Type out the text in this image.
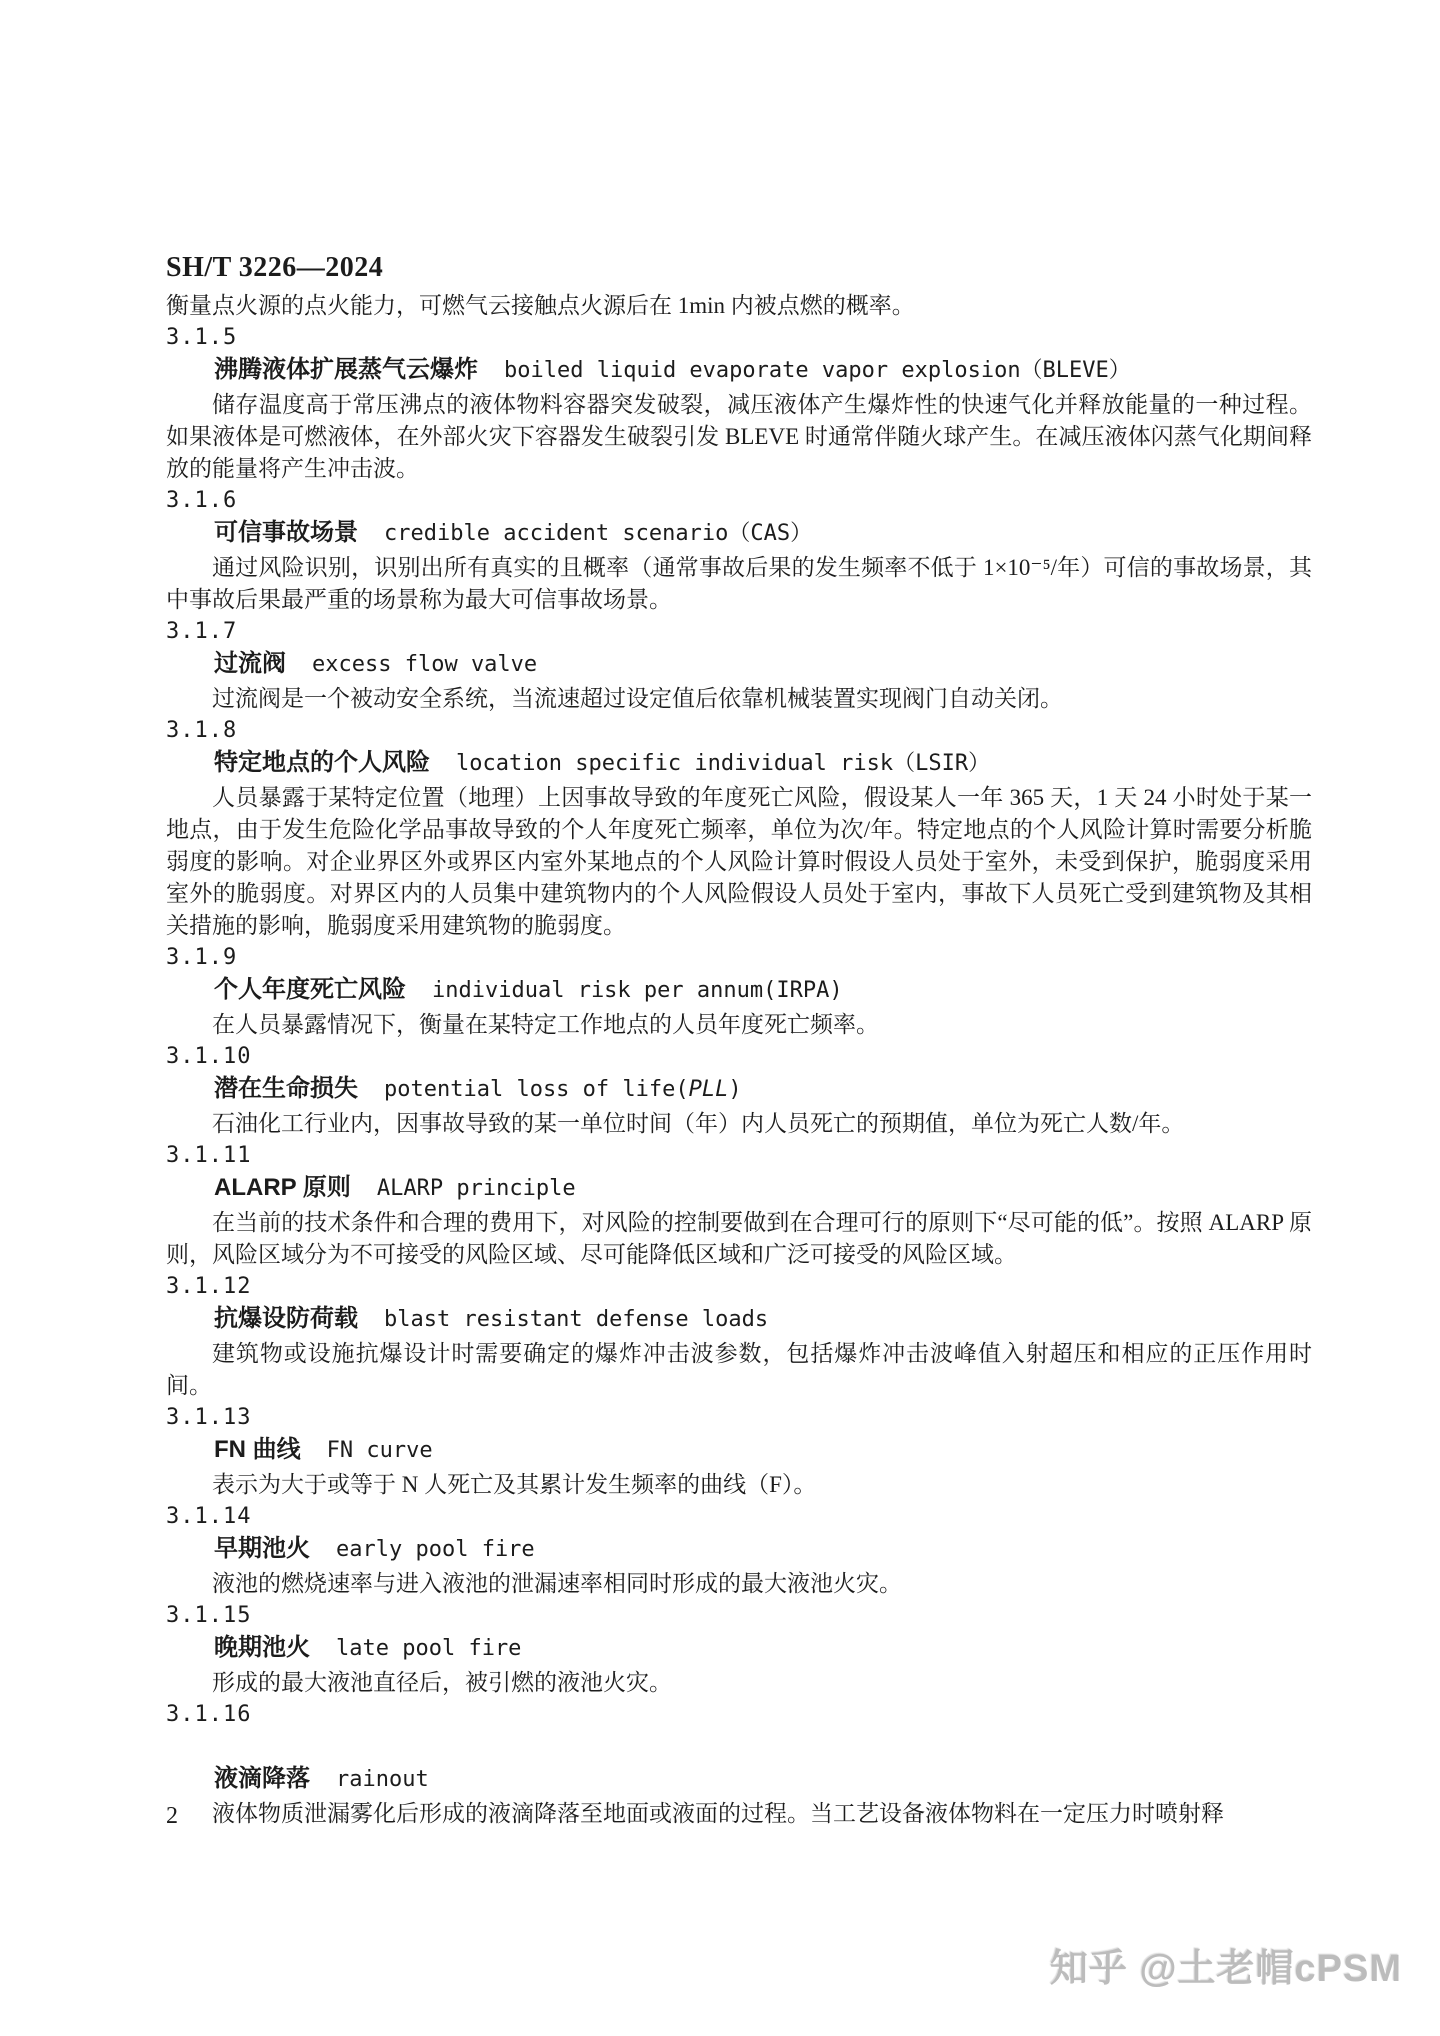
SH/T 3226—2024

衡量点火源的点火能力，可燃气云接触点火源后在 1min 内被点燃的概率。

3.1.5
沸腾液体扩展蒸气云爆炸 boiled liquid evaporate vapor explosion（BLEVE）

储存温度高于常压沸点的液体物料容器突发破裂，减压液体产生爆炸性的快速气化并释放能量的一种过程。如果液体是可燃液体，在外部火灾下容器发生破裂引发 BLEVE 时通常伴随火球产生。在减压液体闪蒸气化期间释放的能量将产生冲击波。

3.1.6
可信事故场景 credible accident scenario（CAS）

通过风险识别，识别出所有真实的且概率（通常事故后果的发生频率不低于 1×10⁻⁵/年）可信的事故场景，其中事故后果最严重的场景称为最大可信事故场景。

3.1.7
过流阀 excess flow valve

过流阀是一个被动安全系统，当流速超过设定值后依靠机械装置实现阀门自动关闭。

3.1.8
特定地点的个人风险 location specific individual risk（LSIR）

人员暴露于某特定位置（地理）上因事故导致的年度死亡风险，假设某人一年 365 天，1 天 24 小时处于某一地点，由于发生危险化学品事故导致的个人年度死亡频率，单位为次/年。特定地点的个人风险计算时需要分析脆弱度的影响。对企业界区外或界区内室外某地点的个人风险计算时假设人员处于室外，未受到保护，脆弱度采用室外的脆弱度。对界区内的人员集中建筑物内的个人风险假设人员处于室内，事故下人员死亡受到建筑物及其相关措施的影响，脆弱度采用建筑物的脆弱度。

3.1.9
个人年度死亡风险 individual risk per annum(IRPA)

在人员暴露情况下，衡量在某特定工作地点的人员年度死亡频率。

3.1.10
潜在生命损失 potential loss of life(PLL)

石油化工行业内，因事故导致的某一单位时间（年）内人员死亡的预期值，单位为死亡人数/年。

3.1.11
ALARP 原则 ALARP principle

在当前的技术条件和合理的费用下，对风险的控制要做到在合理可行的原则下“尽可能的低”。按照 ALARP 原则，风险区域分为不可接受的风险区域、尽可能降低区域和广泛可接受的风险区域。

3.1.12
抗爆设防荷载 blast resistant defense loads

建筑物或设施抗爆设计时需要确定的爆炸冲击波参数，包括爆炸冲击波峰值入射超压和相应的正压作用时间。

3.1.13
FN 曲线 FN curve

表示为大于或等于 N 人死亡及其累计发生频率的曲线（F）。

3.1.14
早期池火 early pool fire

液池的燃烧速率与进入液池的泄漏速率相同时形成的最大液池火灾。

3.1.15
晚期池火 late pool fire

形成的最大液池直径后，被引燃的液池火灾。

3.1.16
液滴降落 rainout

液体物质泄漏雾化后形成的液滴降落至地面或液面的过程。当工艺设备液体物料在一定压力时喷射释

2
知乎 @土老帽cPSM
